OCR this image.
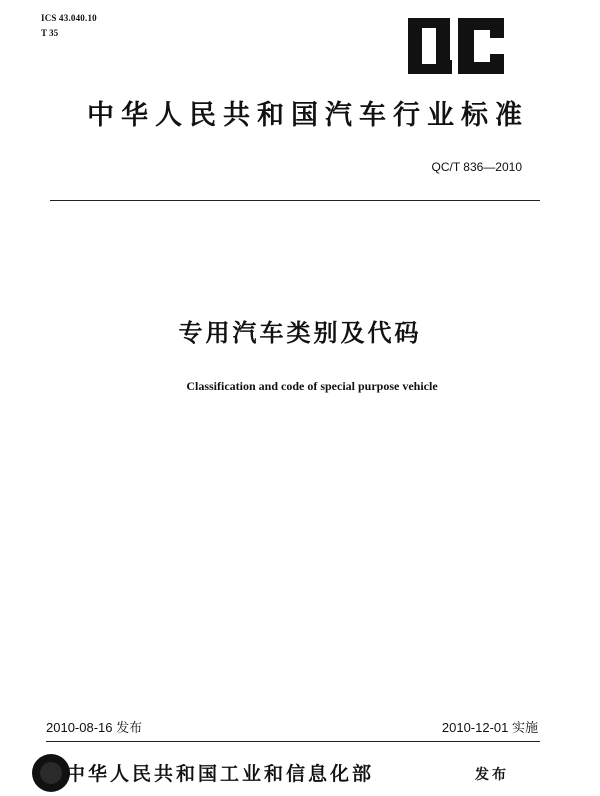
ICS 43.040.10
T 35
中华人民共和国汽车行业标准
QC/T 836—2010
专用汽车类别及代码
Classification and code of special purpose vehicle
2010-08-16 发布	2010-12-01 实施
中华人民共和国工业和信息化部	发布
